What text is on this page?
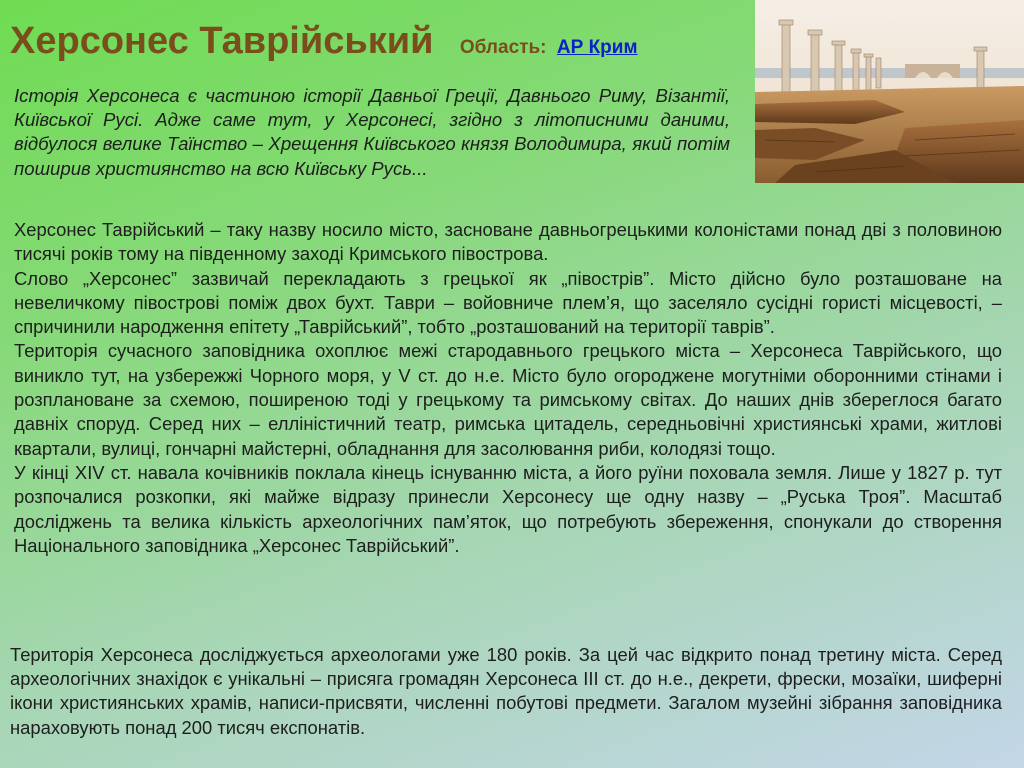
Херсонес Таврійський Область: АР Крим

Історія Херсонеса є частиною історії Давньої Греції, Давнього Риму, Візантії, Київської Русі. Адже саме тут, у Херсонесі, згідно з літописними даними, відбулося велике Таїнство – Хрещення Київського князя Володимира, який потім поширив християнство на всю Київську Русь...

Херсонес Таврійський – таку назву носило місто, засноване давньогрецькими колоністами понад дві з половиною тисячі років тому на південному заході Кримського півострова.

Слово „Херсонес” зазвичай перекладають з грецької як „півострів”. Місто дійсно було розташоване на невеличкому півострові поміж двох бухт. Таври – войовниче плем’я, що заселяло сусідні гористі місцевості, – спричинили народження епітету „Таврійський”, тобто „розташований на території таврів”.

Територія сучасного заповідника охоплює межі стародавнього грецького міста – Херсонеса Таврійського, що виникло тут, на узбережжі Чорного моря, у V ст. до н.е. Місто було огороджене могутніми оборонними стінами і розплановане за схемою, поширеною тоді у грецькому та римському світах. До наших днів збереглося багато давніх споруд. Серед них – елліністичний театр, римська цитадель, середньовічні християнські храми, житлові квартали, вулиці, гончарні майстерні, обладнання для засолювання риби, колодязі тощо.

У кінці XIV ст. навала кочівників поклала кінець існуванню міста, а його руїни поховала земля. Лише у 1827 р. тут розпочалися розкопки, які майже відразу принесли Херсонесу ще одну назву – „Руська Троя”. Масштаб досліджень та велика кількість археологічних пам’яток, що потребують збереження, спонукали до створення Національного заповідника „Херсонес Таврійський”.

Територія Херсонеса досліджується археологами уже 180 років. За цей час відкрито понад третину міста. Серед археологічних знахідок є унікальні – присяга громадян Херсонеса III ст. до н.е., декрети, фрески, мозаїки, шиферні ікони християнських храмів, написи-присвяти, численні побутові предмети. Загалом музейні зібрання заповідника нараховують понад 200 тисяч експонатів.
